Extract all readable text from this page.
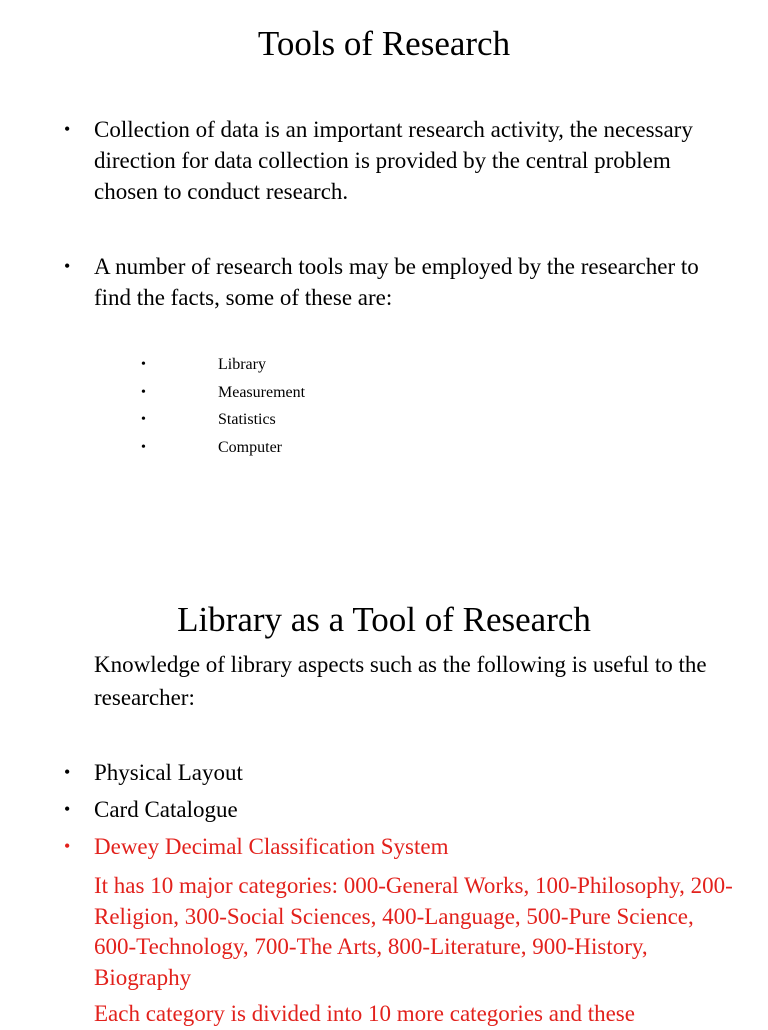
Tools of Research
• Collection of data is an important research activity, the necessary direction for data collection is provided by the central problem chosen to conduct research.
• A number of research tools may be employed by the researcher to find the facts, some of these are:
•	Library
•	Measurement
•	Statistics
•	Computer
Library as a Tool of Research

Knowledge of library aspects such as the following is useful to the researcher:

• Physical Layout
• Card Catalogue
• Dewey Decimal Classification System
It has 10 major categories: 000-General Works, 100-Philosophy, 200-Religion, 300-Social Sciences, 400-Language, 500-Pure Science, 600-Technology, 700-The Arts, 800-Literature, 900-History, Biography
Each category is divided into 10 more categories and these
